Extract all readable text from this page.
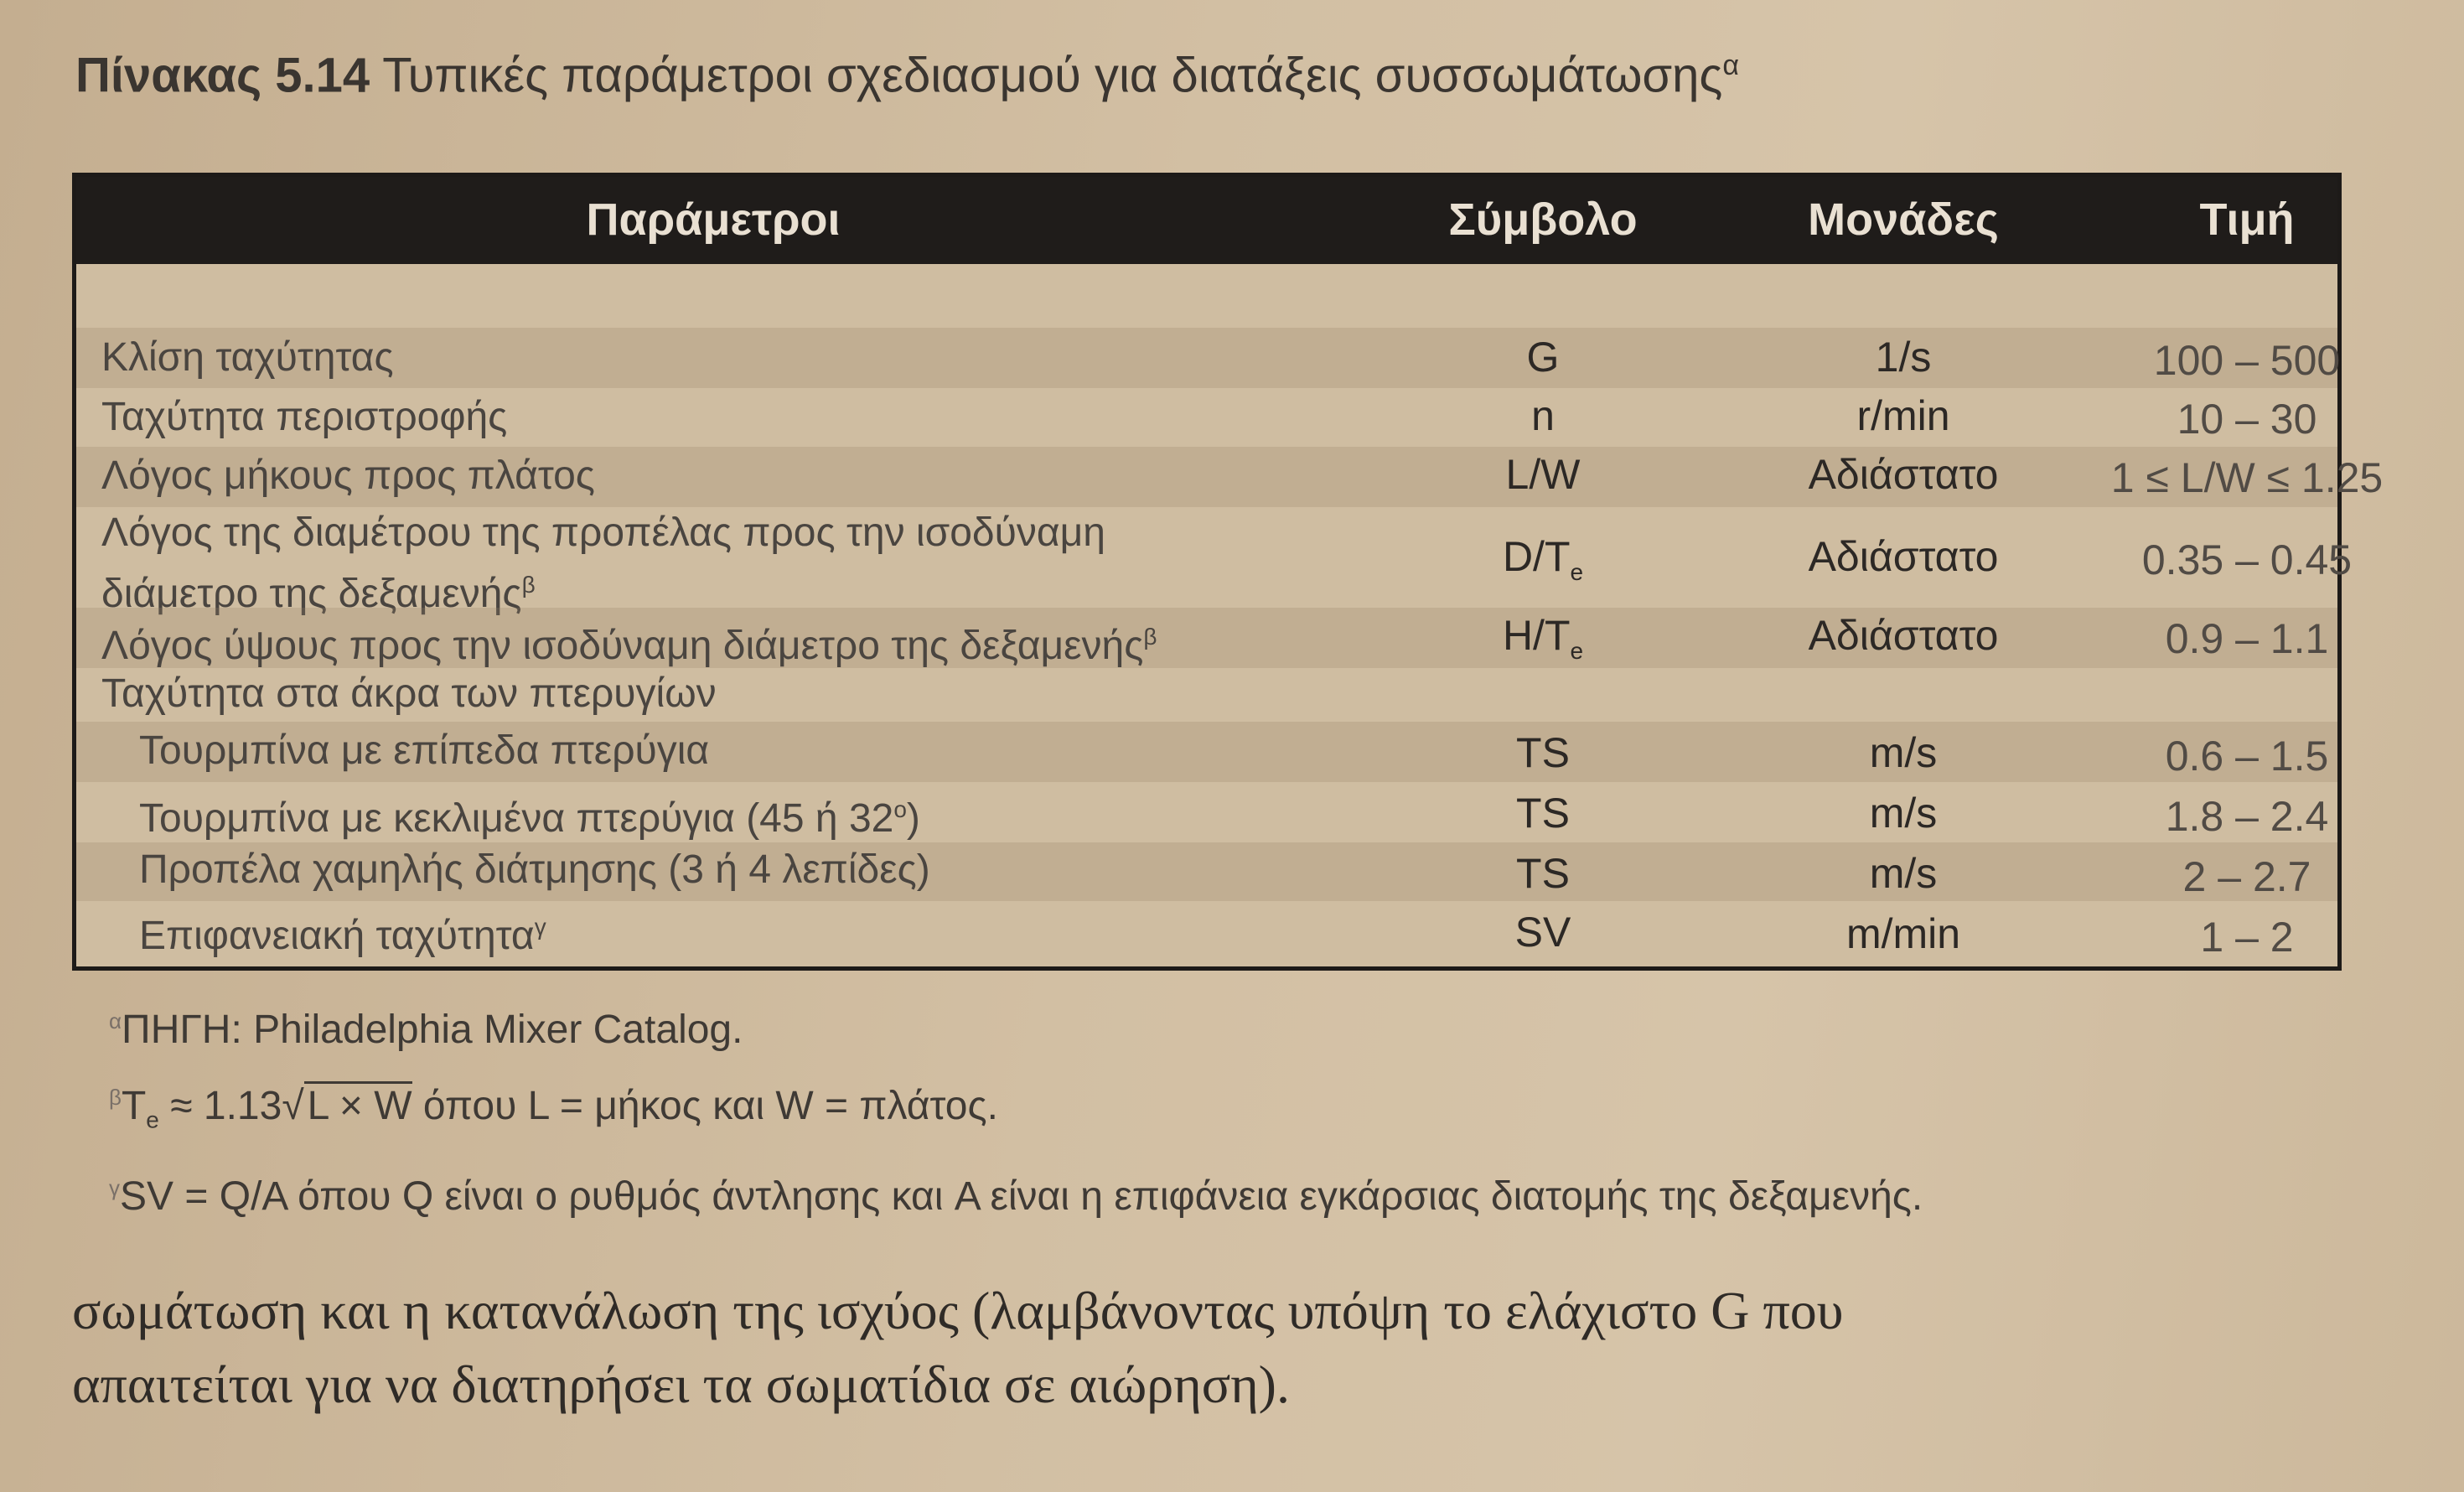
Πίνακας 5.14 Τυπικές παράμετροι σχεδιασμού για διατάξεις συσσωμάτωσης$^\alpha$
Παράμετροι	Σύμβολο	Μονάδες	Τιμή
Κλίση ταχύτητας	G	1/s	100 – 500
Ταχύτητα περιστροφής	n	r/min	10 – 30
Λόγος μήκους προς πλάτος	L/W	Αδιάστατο	1 ≤ L/W ≤ 1.25
Λόγος της διαμέτρου της προπέλας προς την ισοδύναμη
διάμετρο της δεξαμενής$^\beta$
$D/T_e$	Αδιάστατο	0.35 – 0.45
Λόγος ύψους προς την ισοδύναμη διάμετρο της δεξαμενής$^\beta$	$H/T_e$	Αδιάστατο	0.9 – 1.1
Ταχύτητα στα άκρα των πτερυγίων
Τουρμπίνα με επίπεδα πτερύγια	TS	m/s	0.6 – 1.5
Τουρμπίνα με κεκλιμένα πτερύγια (45 ή 32$^o$)	TS	m/s	1.8 – 2.4
Προπέλα χαμηλής διάτμησης (3 ή 4 λεπίδες)	TS	m/s	2 – 2.7
Επιφανειακή ταχύτητα$^\gamma$	SV	m/min	1 – 2
$^\alpha$ΠΗΓΗ: Philadelphia Mixer Catalog.
$^\beta T_e \approx 1.13√L \times W$ όπου L = μήκος και W = πλάτος.
$^\gamma$SV = Q/A όπου Q είναι ο ρυθμός άντλησης και A είναι η επιφάνεια εγκάρσιας διατομής της δεξαμενής.
σωμάτωση και η κατανάλωση της ισχύος (λαμβάνοντας υπόψη το ελάχιστο G που
απαιτείται για να διατηρήσει τα σωματίδια σε αιώρηση).
